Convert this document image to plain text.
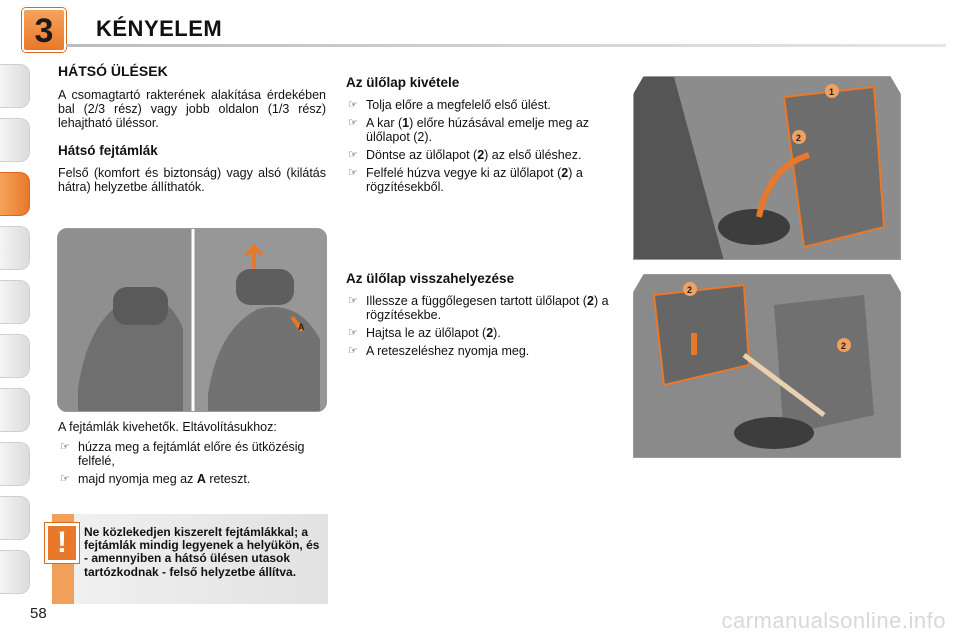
3	KÉNYELEM
HÁTSÓ ÜLÉSEK

A csomagtartó rakterének alakítása érdekében bal (2/3 rész) vagy jobb oldalon (1/3 rész) lehajtható üléssor.

Hátsó fejtámlák

Felső (komfort és biztonság) vagy alsó (kilátás hátra) helyzetbe állíthatók.

A

A fejtámlák kivehetők. Eltávolításukhoz:

☞ húzza meg a fejtámlát előre és ütközésig felfelé,
☞ majd nyomja meg az A reteszt.
!	Ne közlekedjen kiszerelt fejtámlákkal; a fejtámlák mindig legyenek a helyükön, és - amennyiben a hátsó ülésen utasok tartózkodnak - felső helyzetbe állítva.
Az ülőlap kivétele
☞ Tolja előre a megfelelő első ülést.
☞ A kar (1) előre húzásával emelje meg az ülőlapot (2).
☞ Döntse az ülőlapot (2) az első üléshez.
☞ Felfelé húzva vegye ki az ülőlapot (2) a rögzítésekből.
Az ülőlap visszahelyezése
☞ Illessze a függőlegesen tartott ülőlapot (2) a rögzítésekbe.
☞ Hajtsa le az ülőlapot (2).
☞ A reteszeléshez nyomja meg.
1
2
2
2
58	carmanualsonline.info
